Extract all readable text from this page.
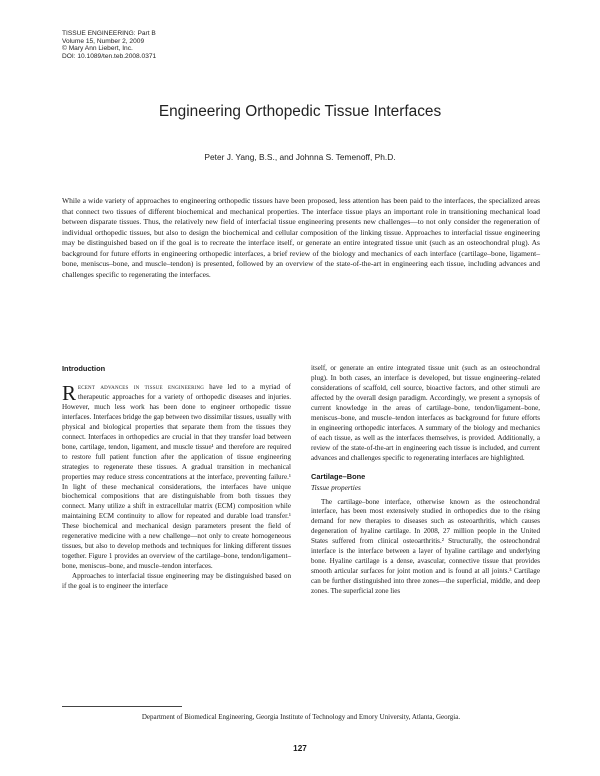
TISSUE ENGINEERING: Part B
Volume 15, Number 2, 2009
© Mary Ann Liebert, Inc.
DOI: 10.1089/ten.teb.2008.0371
Engineering Orthopedic Tissue Interfaces
Peter J. Yang, B.S., and Johnna S. Temenoff, Ph.D.

While a wide variety of approaches to engineering orthopedic tissues have been proposed, less attention has been paid to the interfaces, the specialized areas that connect two tissues of different biochemical and mechanical properties. The interface tissue plays an important role in transitioning mechanical load between disparate tissues. Thus, the relatively new field of interfacial tissue engineering presents new challenges—to not only consider the regeneration of individual orthopedic tissues, but also to design the biochemical and cellular composition of the linking tissue. Approaches to interfacial tissue engineering may be distinguished based on if the goal is to recreate the interface itself, or generate an entire integrated tissue unit (such as an osteochondral plug). As background for future efforts in engineering orthopedic interfaces, a brief review of the biology and mechanics of each interface (cartilage–bone, ligament–bone, meniscus–bone, and muscle–tendon) is presented, followed by an overview of the state-of-the-art in engineering each tissue, including advances and challenges specific to regenerating the interfaces.

Introduction

Recent advances in tissue engineering have led to a myriad of therapeutic approaches for a variety of orthopedic diseases and injuries. However, much less work has been done to engineer orthopedic tissue interfaces. Interfaces bridge the gap between two dissimilar tissues, usually with physical and biological properties that separate them from the tissues they connect. Interfaces in orthopedics are crucial in that they transfer load between bone, cartilage, tendon, ligament, and muscle tissue¹ and therefore are required to restore full patient function after the application of tissue engineering strategies to regenerate these tissues. A gradual transition in mechanical properties may reduce stress concentrations at the interface, preventing failure.¹ In light of these mechanical considerations, the interfaces have unique biochemical compositions that are distinguishable from both tissues they connect. Many utilize a shift in extracellular matrix (ECM) composition while maintaining ECM continuity to allow for repeated and durable load transfer.¹ These biochemical and mechanical design parameters present the field of regenerative medicine with a new challenge—not only to create homogeneous tissues, but also to develop methods and techniques for linking different tissues together. Figure 1 provides an overview of the cartilage–bone, tendon/ligament–bone, meniscus–bone, and muscle–tendon interfaces.

Approaches to interfacial tissue engineering may be distinguished based on if the goal is to engineer the interface

itself, or generate an entire integrated tissue unit (such as an osteochondral plug). In both cases, an interface is developed, but tissue engineering–related considerations of scaffold, cell source, bioactive factors, and other stimuli are affected by the overall design paradigm. Accordingly, we present a synopsis of current knowledge in the areas of cartilage–bone, tendon/ligament–bone, meniscus–bone, and muscle–tendon interfaces as background for future efforts in engineering orthopedic interfaces. A summary of the biology and mechanics of each tissue, as well as the interfaces themselves, is provided. Additionally, a review of the state-of-the-art in engineering each tissue is included, and current advances and challenges specific to regenerating interfaces are highlighted.

Cartilage–Bone
Tissue properties

The cartilage–bone interface, otherwise known as the osteochondral interface, has been most extensively studied in orthopedics due to the rising demand for new therapies to diseases such as osteoarthritis, which causes degeneration of hyaline cartilage. In 2008, 27 million people in the United States suffered from clinical osteoarthritis.² Structurally, the osteochondral interface is the interface between a layer of hyaline cartilage and underlying bone. Hyaline cartilage is a dense, avascular, connective tissue that provides smooth articular surfaces for joint motion and is found at all joints.³ Cartilage can be further distinguished into three zones—the superficial, middle, and deep zones. The superficial zone lies

Department of Biomedical Engineering, Georgia Institute of Technology and Emory University, Atlanta, Georgia.
127
